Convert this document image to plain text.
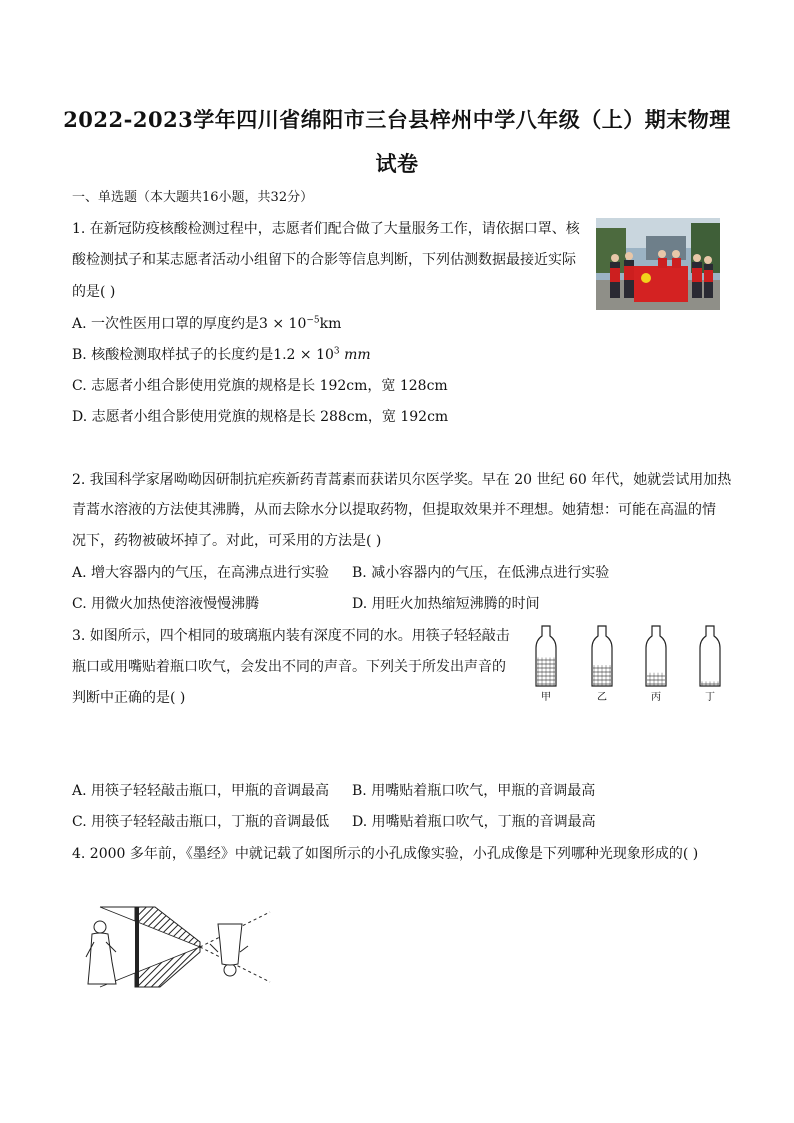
2022-2023学年四川省绵阳市三台县梓州中学八年级（上）期末物理
试卷
一、单选题（本大题共16小题，共32分）
1. 在新冠防疫核酸检测过程中，志愿者们配合做了大量服务工作，请依据口罩、核
酸检测拭子和某志愿者活动小组留下的合影等信息判断，下列估测数据最接近实际
的是( )
A. 一次性医用口罩的厚度约是$3 \times 10^{-5}km$
B. 核酸检测取样拭子的长度约是$1.2 \times 10^3$ mm
C. 志愿者小组合影使用党旗的规格是长 192cm，宽 128cm
D. 志愿者小组合影使用党旗的规格是长 288cm，宽 192cm
2. 我国科学家屠呦呦因研制抗疟疾新药青蒿素而获诺贝尔医学奖。早在 20 世纪 60 年代，她就尝试用加热
青蒿水溶液的方法使其沸腾，从而去除水分以提取药物，但提取效果并不理想。她猜想：可能在高温的情
况下，药物被破坏掉了。对此，可采用的方法是( )
A. 增大容器内的气压，在高沸点进行实验 B. 减小容器内的气压，在低沸点进行实验
C. 用微火加热使溶液慢慢沸腾	D. 用旺火加热缩短沸腾的时间
3. 如图所示，四个相同的玻璃瓶内装有深度不同的水。用筷子轻轻敲击
瓶口或用嘴贴着瓶口吹气，会发出不同的声音。下列关于所发出声音的
判断中正确的是( )	甲	乙	丙	丁
A. 用筷子轻轻敲击瓶口，甲瓶的音调最高 B. 用嘴贴着瓶口吹气，甲瓶的音调最高
C. 用筷子轻轻敲击瓶口，丁瓶的音调最低 D. 用嘴贴着瓶口吹气，丁瓶的音调最高
4. 2000 多年前，《墨经》中就记载了如图所示的小孔成像实验，小孔成像是下列哪种光现象形成的( )
